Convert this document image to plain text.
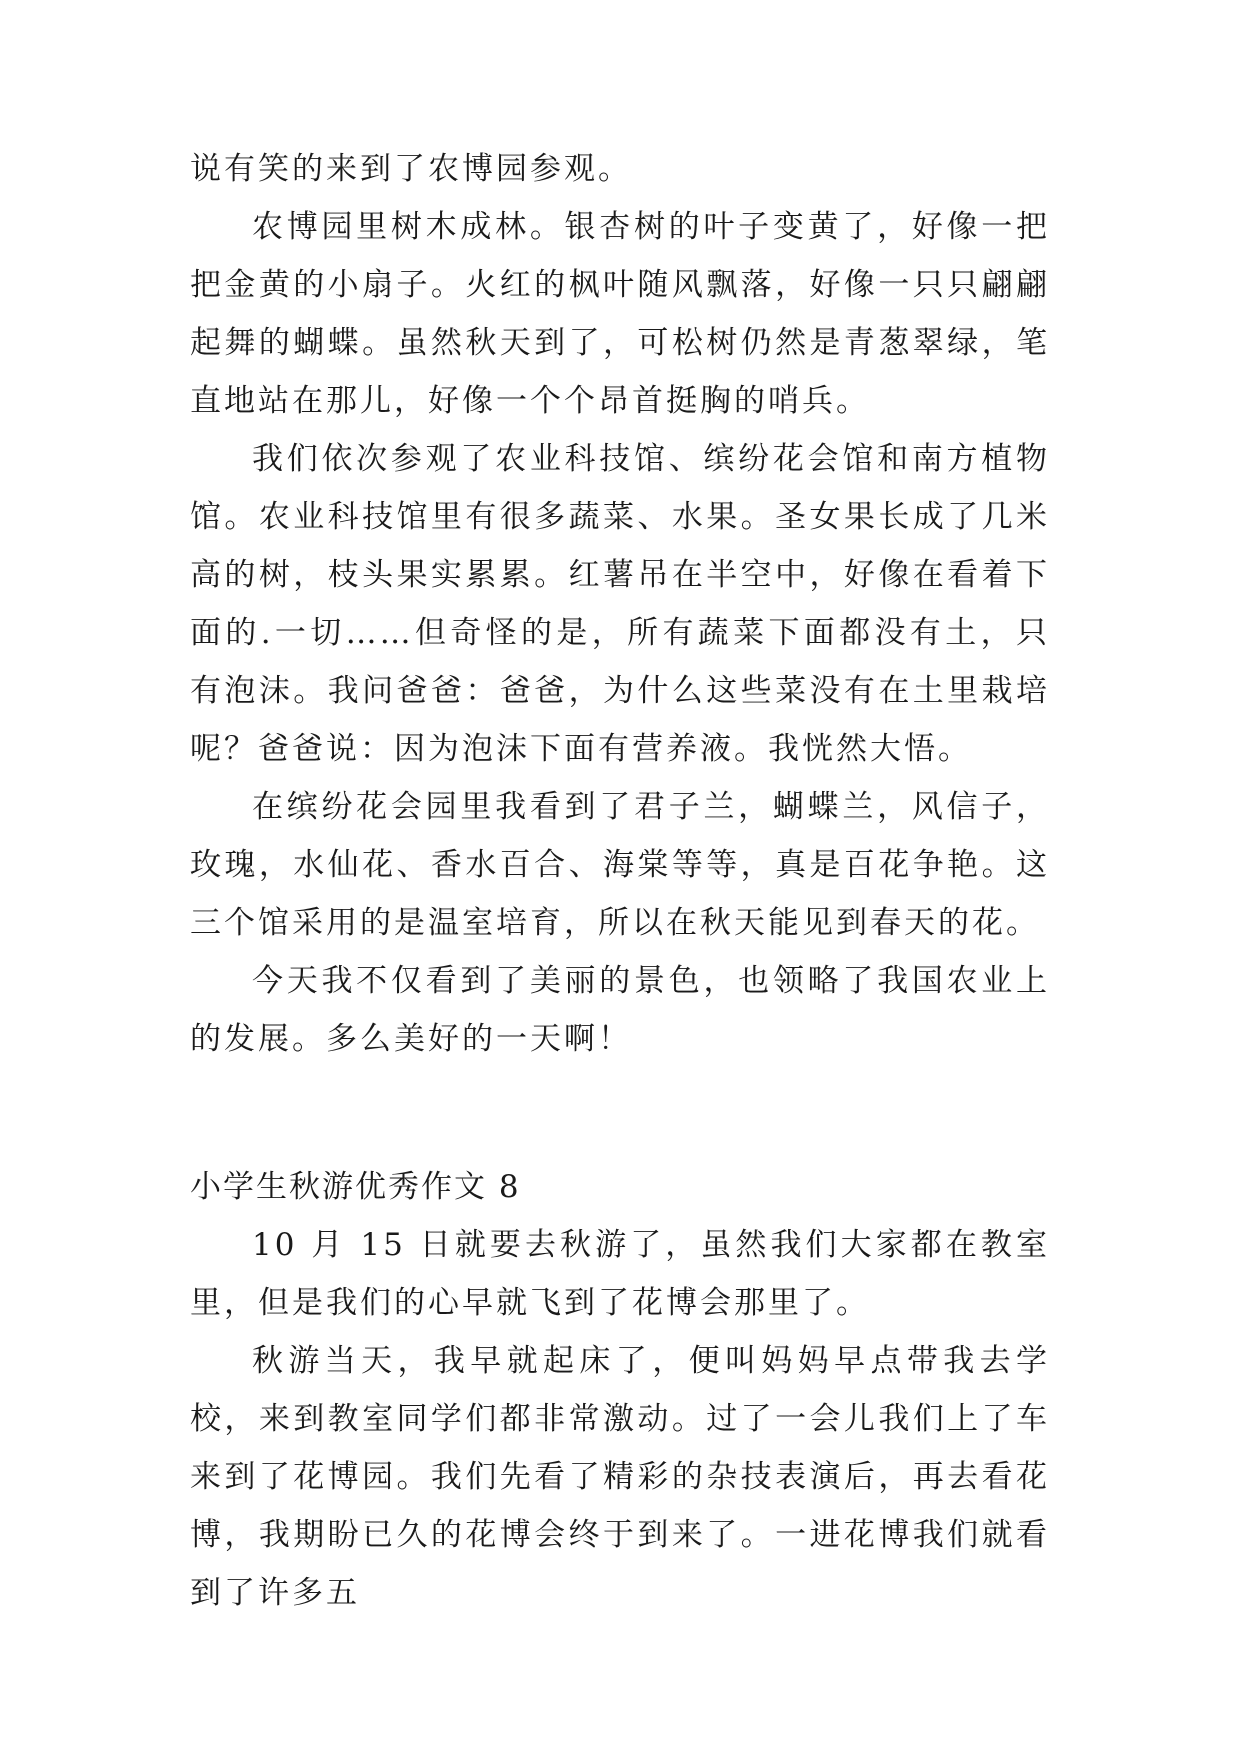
说有笑的来到了农博园参观。

农博园里树木成林。银杏树的叶子变黄了，好像一把把金黄的小扇子。火红的枫叶随风飘落，好像一只只翩翩起舞的蝴蝶。虽然秋天到了，可松树仍然是青葱翠绿，笔直地站在那儿，好像一个个昂首挺胸的哨兵。

我们依次参观了农业科技馆、缤纷花会馆和南方植物馆。农业科技馆里有很多蔬菜、水果。圣女果长成了几米高的树，枝头果实累累。红薯吊在半空中，好像在看着下面的.一切……但奇怪的是，所有蔬菜下面都没有土，只有泡沫。我问爸爸：爸爸，为什么这些菜没有在土里栽培呢？爸爸说：因为泡沫下面有营养液。我恍然大悟。

在缤纷花会园里我看到了君子兰，蝴蝶兰，风信子，玫瑰，水仙花、香水百合、海棠等等，真是百花争艳。这三个馆采用的是温室培育，所以在秋天能见到春天的花。

今天我不仅看到了美丽的景色，也领略了我国农业上的发展。多么美好的一天啊！

小学生秋游优秀作文 8

10 月 15 日就要去秋游了，虽然我们大家都在教室里，但是我们的心早就飞到了花博会那里了。

秋游当天，我早就起床了，便叫妈妈早点带我去学校，来到教室同学们都非常激动。过了一会儿我们上了车来到了花博园。我们先看了精彩的杂技表演后，再去看花博，我期盼已久的花博会终于到来了。一进花博我们就看到了许多五
